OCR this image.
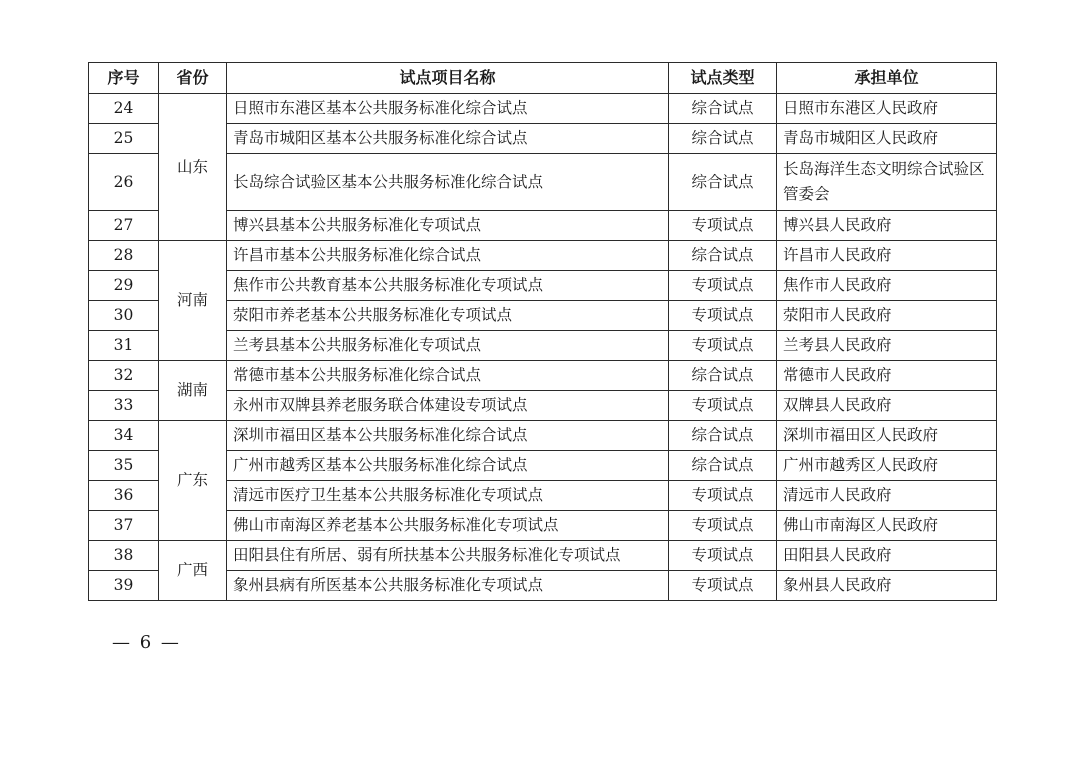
序号	省份	试点项目名称	试点类型	承担单位
24	山东	日照市东港区基本公共服务标准化综合试点	综合试点	日照市东港区人民政府
25		青岛市城阳区基本公共服务标准化综合试点	综合试点	青岛市城阳区人民政府
26		长岛综合试验区基本公共服务标准化综合试点	综合试点	长岛海洋生态文明综合试验区管委会
27		博兴县基本公共服务标准化专项试点	专项试点	博兴县人民政府
28	河南	许昌市基本公共服务标准化综合试点	综合试点	许昌市人民政府
29		焦作市公共教育基本公共服务标准化专项试点	专项试点	焦作市人民政府
30		荥阳市养老基本公共服务标准化专项试点	专项试点	荥阳市人民政府
31		兰考县基本公共服务标准化专项试点	专项试点	兰考县人民政府
32	湖南	常德市基本公共服务标准化综合试点	综合试点	常德市人民政府
33		永州市双牌县养老服务联合体建设专项试点	专项试点	双牌县人民政府
34	广东	深圳市福田区基本公共服务标准化综合试点	综合试点	深圳市福田区人民政府
35		广州市越秀区基本公共服务标准化综合试点	综合试点	广州市越秀区人民政府
36		清远市医疗卫生基本公共服务标准化专项试点	专项试点	清远市人民政府
37		佛山市南海区养老基本公共服务标准化专项试点	专项试点	佛山市南海区人民政府
38	广西	田阳县住有所居、弱有所扶基本公共服务标准化专项试点	专项试点	田阳县人民政府
39		象州县病有所医基本公共服务标准化专项试点	专项试点	象州县人民政府
— 6 —
